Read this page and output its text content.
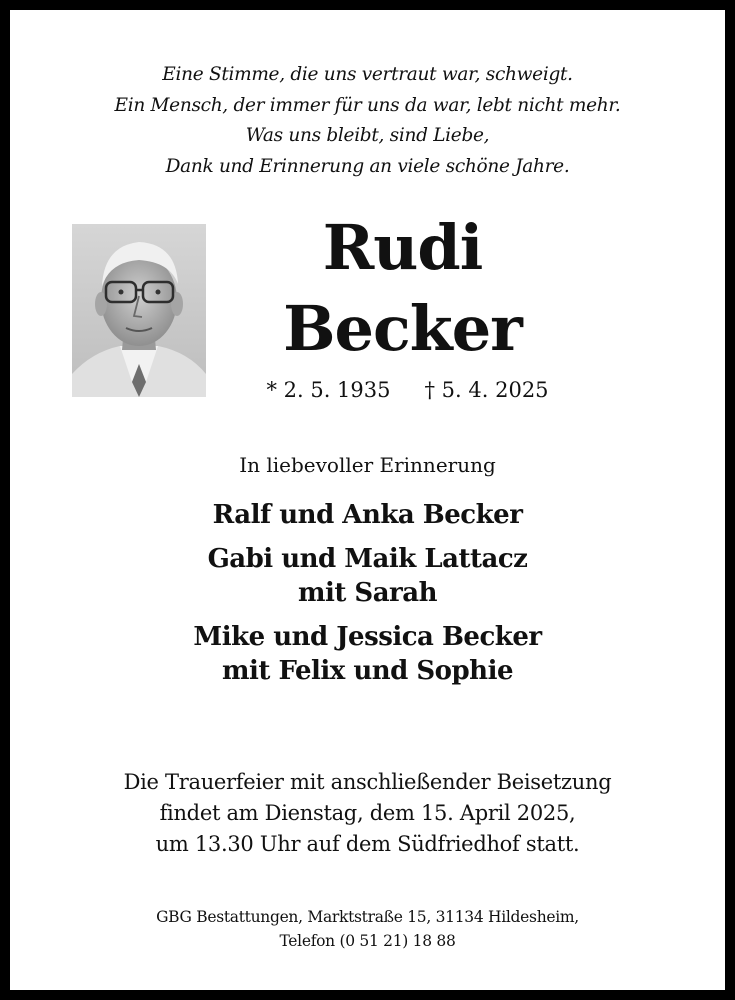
Eine Stimme, die uns vertraut war, schweigt.
Ein Mensch, der immer für uns da war, lebt nicht mehr.
Was uns bleibt, sind Liebe,
Dank und Erinnerung an viele schöne Jahre.
Rudi
Becker
* 2. 5. 1935 † 5. 4. 2025
In liebevoller Erinnerung
Ralf und Anka Becker
Gabi und Maik Lattacz
mit Sarah
Mike und Jessica Becker
mit Felix und Sophie
Die Trauerfeier mit anschließender Beisetzung
findet am Dienstag, dem 15. April 2025,
um 13.30 Uhr auf dem Südfriedhof statt.
GBG Bestattungen, Marktstraße 15, 31134 Hildesheim,
Telefon (0 51 21) 18 88
